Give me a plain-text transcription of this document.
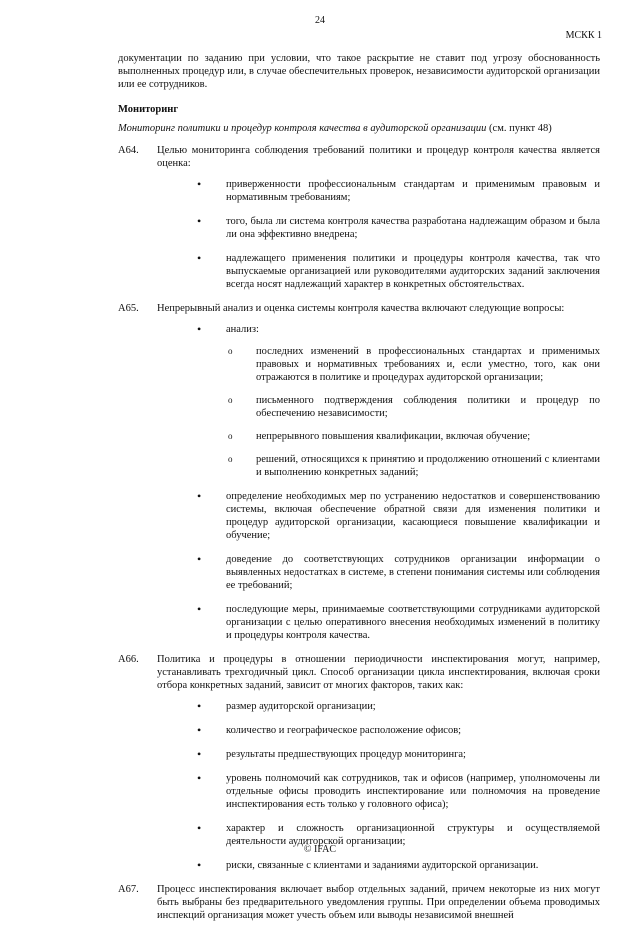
24
МСКК 1

документации по заданию при условии, что такое раскрытие не ставит под угрозу обоснованность выполненных процедур или, в случае обеспечительных проверок, независимости аудиторской организации или ее сотрудников.

Мониторинг

Мониторинг политики и процедур контроля качества в аудиторской организации (см. пункт 48)

A64. Целью мониторинга соблюдения требований политики и процедур контроля качества является оценка:

• приверженности профессиональным стандартам и применимым правовым и нормативным требованиям;
• того, была ли система контроля качества разработана надлежащим образом и была ли она эффективно внедрена;
• надлежащего применения политики и процедуры контроля качества, так что выпускаемые организацией или руководителями аудиторских заданий заключения всегда носят надлежащий характер в конкретных обстоятельствах.
A65. Непрерывный анализ и оценка системы контроля качества включают следующие вопросы:

• анализ:
o последних изменений в профессиональных стандартах и применимых правовых и нормативных требованиях и, если уместно, того, как они отражаются в политике и процедурах аудиторской организации;
o письменного подтверждения соблюдения политики и процедур по обеспечению независимости;
o непрерывного повышения квалификации, включая обучение;
o решений, относящихся к принятию и продолжению отношений с клиентами и выполнению конкретных заданий;
• определение необходимых мер по устранению недостатков и совершенствованию системы, включая обеспечение обратной связи для изменения политики и процедур аудиторской организации, касающиеся повышение квалификации и обучение;
• доведение до соответствующих сотрудников организации информации о выявленных недостатках в системе, в степени понимания системы или соблюдения ее требований;
• последующие меры, принимаемые соответствующими сотрудниками аудиторской организации с целью оперативного внесения необходимых изменений в политику и процедуры контроля качества.
A66. Политика и процедуры в отношении периодичности инспектирования могут, например, устанавливать трехгодичный цикл. Способ организации цикла инспектирования, включая сроки отбора конкретных заданий, зависит от многих факторов, таких как:

• размер аудиторской организации;
• количество и географическое расположение офисов;
• результаты предшествующих процедур мониторинга;
• уровень полномочий как сотрудников, так и офисов (например, уполномочены ли отдельные офисы проводить инспектирование или полномочия на проведение инспектирования есть только у головного офиса);
• характер и сложность организационной структуры и осуществляемой деятельности аудиторской организации;
• риски, связанные с клиентами и заданиями аудиторской организации.
A67. Процесс инспектирования включает выбор отдельных заданий, причем некоторые из них могут быть выбраны без предварительного уведомления группы. При определении объема проводимых инспекций организация может учесть объем или выводы независимой внешней

© IFAC
